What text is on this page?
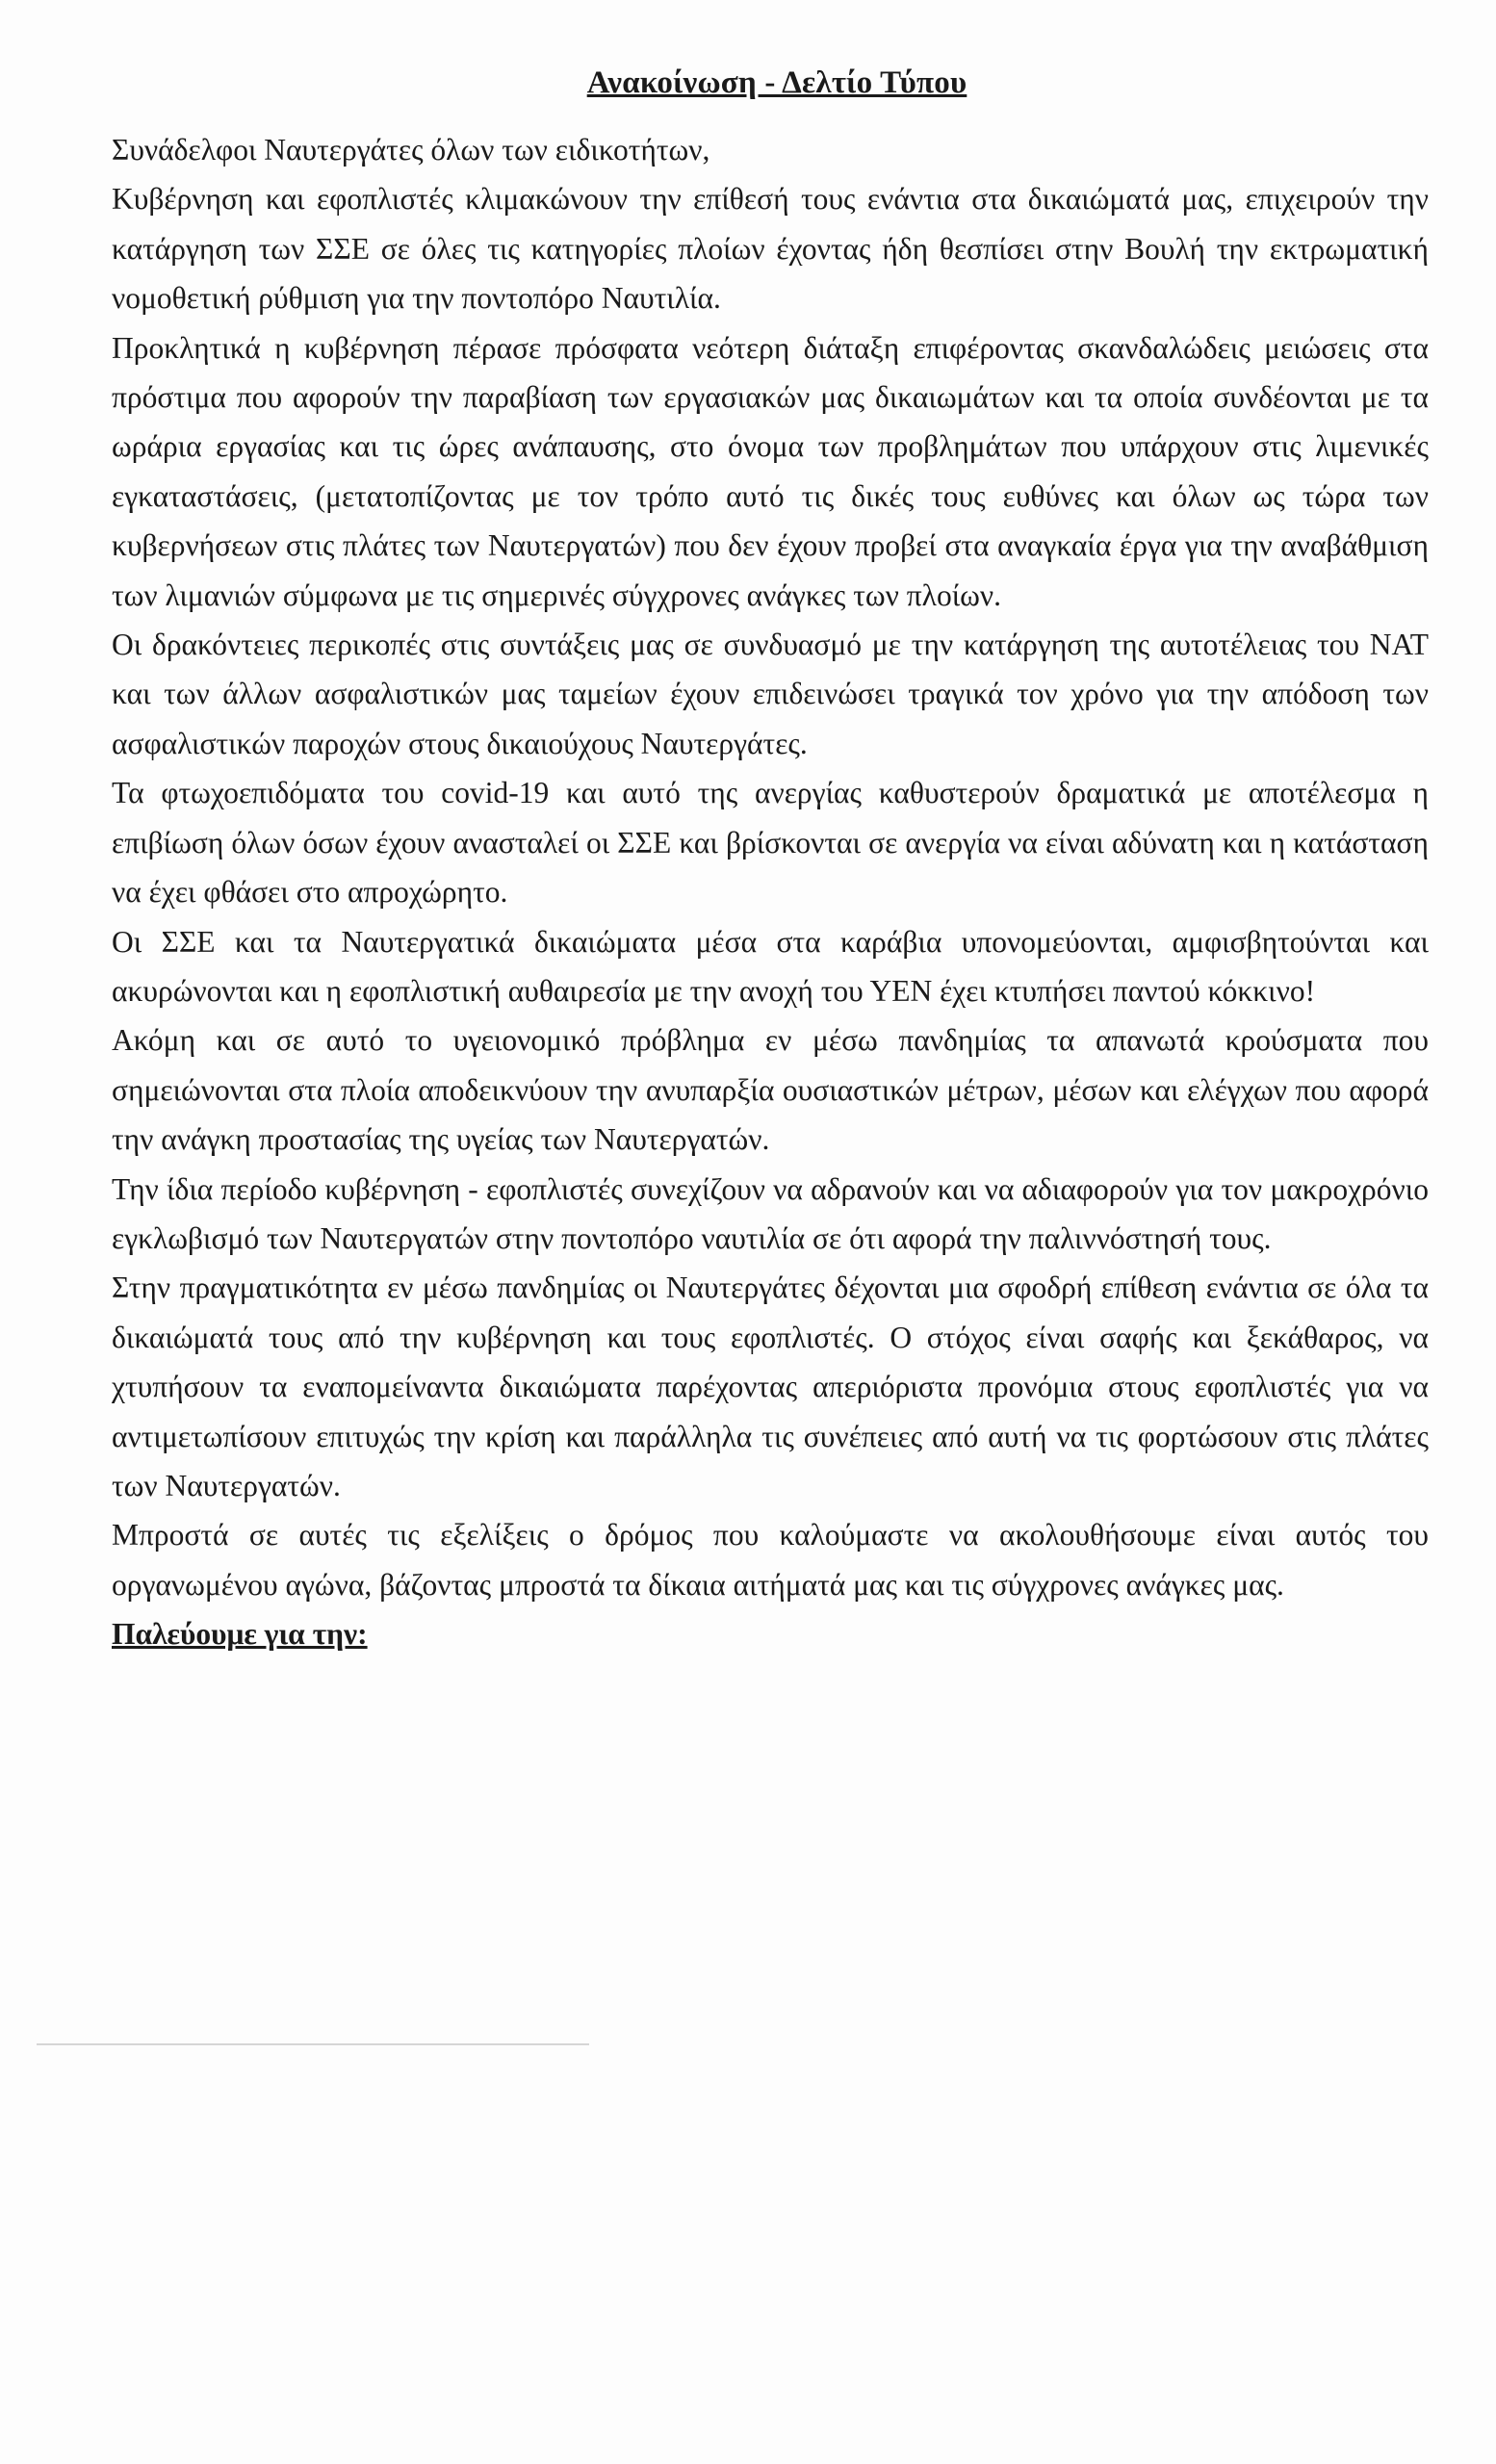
Ανακοίνωση - Δελτίο Τύπου

Συνάδελφοι Ναυτεργάτες όλων των ειδικοτήτων,

Κυβέρνηση και εφοπλιστές κλιμακώνουν την επίθεσή τους ενάντια στα δικαιώματά μας, επιχειρούν την κατάργηση των ΣΣΕ σε όλες τις κατηγορίες πλοίων έχοντας ήδη θεσπίσει στην Βουλή την εκτρωματική νομοθετική ρύθμιση για την ποντοπόρο Ναυτιλία.

Προκλητικά η κυβέρνηση πέρασε πρόσφατα νεότερη διάταξη επιφέροντας σκανδαλώδεις μειώσεις στα πρόστιμα που αφορούν την παραβίαση των εργασιακών μας δικαιωμάτων και τα οποία συνδέονται με τα ωράρια εργασίας και τις ώρες ανάπαυσης, στο όνομα των προβλημάτων που υπάρχουν στις λιμενικές εγκαταστάσεις, (μετατοπίζοντας με τον τρόπο αυτό τις δικές τους ευθύνες και όλων ως τώρα των κυβερνήσεων στις πλάτες των Ναυτεργατών) που δεν έχουν προβεί στα αναγκαία έργα για την αναβάθμιση των λιμανιών σύμφωνα με τις σημερινές σύγχρονες ανάγκες των πλοίων.

Οι δρακόντειες περικοπές στις συντάξεις μας σε συνδυασμό με την κατάργηση της αυτοτέλειας του ΝΑΤ και των άλλων ασφαλιστικών μας ταμείων έχουν επιδεινώσει τραγικά τον χρόνο για την απόδοση των ασφαλιστικών παροχών στους δικαιούχους Ναυτεργάτες.

Τα φτωχοεπιδόματα του covid-19 και αυτό της ανεργίας καθυστερούν δραματικά με αποτέλεσμα η επιβίωση όλων όσων έχουν ανασταλεί οι ΣΣΕ και βρίσκονται σε ανεργία να είναι αδύνατη και η κατάσταση να έχει φθάσει στο απροχώρητο.

Οι ΣΣΕ και τα Ναυτεργατικά δικαιώματα μέσα στα καράβια υπονομεύονται, αμφισβητούνται και ακυρώνονται και η εφοπλιστική αυθαιρεσία με την ανοχή του ΥΕΝ έχει κτυπήσει παντού κόκκινο!

Ακόμη και σε αυτό το υγειονομικό πρόβλημα εν μέσω πανδημίας τα απανωτά κρούσματα που σημειώνονται στα πλοία αποδεικνύουν την ανυπαρξία ουσιαστικών μέτρων, μέσων και ελέγχων που αφορά την ανάγκη προστασίας της υγείας των Ναυτεργατών.

Την ίδια περίοδο κυβέρνηση - εφοπλιστές συνεχίζουν να αδρανούν και να αδιαφορούν για τον μακροχρόνιο εγκλωβισμό των Ναυτεργατών στην ποντοπόρο ναυτιλία σε ότι αφορά την παλιννόστησή τους.

Στην πραγματικότητα εν μέσω πανδημίας οι Ναυτεργάτες δέχονται μια σφοδρή επίθεση ενάντια σε όλα τα δικαιώματά τους από την κυβέρνηση και τους εφοπλιστές. Ο στόχος είναι σαφής και ξεκάθαρος, να χτυπήσουν τα εναπομείναντα δικαιώματα παρέχοντας απεριόριστα προνόμια στους εφοπλιστές για να αντιμετωπίσουν επιτυχώς την κρίση και παράλληλα τις συνέπειες από αυτή να τις φορτώσουν στις πλάτες των Ναυτεργατών.

Μπροστά σε αυτές τις εξελίξεις ο δρόμος που καλούμαστε να ακολουθήσουμε είναι αυτός του οργανωμένου αγώνα, βάζοντας μπροστά τα δίκαια αιτήματά μας και τις σύγχρονες ανάγκες μας.

Παλεύουμε για την:
